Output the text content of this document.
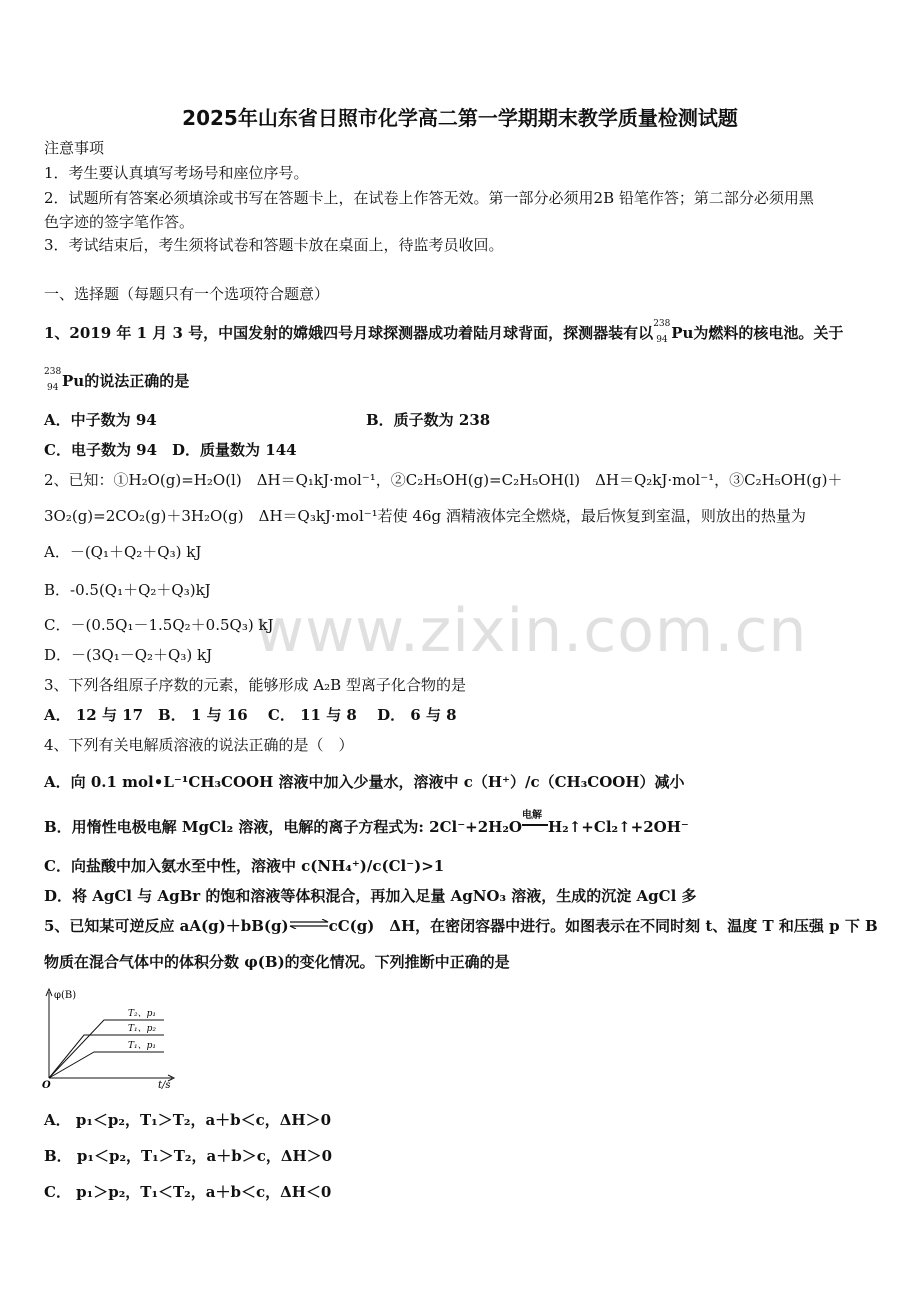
2025年山东省日照市化学高二第一学期期末教学质量检测试题
www.zixin.com.cn
注意事项
1．考生要认真填写考场号和座位序号。
2．试题所有答案必须填涂或书写在答题卡上，在试卷上作答无效。第一部分必须用2B 铅笔作答；第二部分必须用黑
色字迹的签字笔作答。
3．考试结束后，考生须将试卷和答题卡放在桌面上，待监考员收回。
一、选择题（每题只有一个选项符合题意）
1、2019 年 1 月 3 号，中国发射的嫦娥四号月球探测器成功着陆月球背面，探测器装有以 238
94 Pu为燃料的核电池。关于
238
94 Pu的说法正确的是
A．中子数为 94	B．质子数为 238
C．电子数为 94　D．质量数为 144
2、已知：①H₂O(g)=H₂O(l)　ΔH＝Q₁kJ·mol⁻¹，②C₂H₅OH(g)=C₂H₅OH(l)　ΔH＝Q₂kJ·mol⁻¹，③C₂H₅OH(g)＋
3O₂(g)=2CO₂(g)＋3H₂O(g)　ΔH＝Q₃kJ·mol⁻¹若使 46g 酒精液体完全燃烧，最后恢复到室温，则放出的热量为
A．－(Q₁＋Q₂＋Q₃) kJ
B．-0.5(Q₁＋Q₂＋Q₃)kJ
C．－(0.5Q₁－1.5Q₂＋0.5Q₃) kJ
D．－(3Q₁－Q₂＋Q₃) kJ
3、下列各组原子序数的元素，能够形成 A₂B 型离子化合物的是
A． 12 与 17　B． 1 与 16　 C． 11 与 8　 D． 6 与 8
4、下列有关电解质溶液的说法正确的是（　）
A．向 0.1 mol•L⁻¹CH₃COOH 溶液中加入少量水，溶液中 c（H⁺）/c（CH₃COOH）减小
B．用惰性电极电解 MgCl₂ 溶液，电解的离子方程式为: 2Cl⁻+2H₂O
电解
H₂↑+Cl₂↑+2OH⁻
C．向盐酸中加入氨水至中性，溶液中 c(NH₄⁺)/c(Cl⁻)>1
D．将 AgCl 与 AgBr 的饱和溶液等体积混合，再加入足量 AgNO₃ 溶液，生成的沉淀 AgCl 多
5、已知某可逆反应 aA(g)＋bB(g)⇌cC(g)　ΔH，在密闭容器中进行。如图表示在不同时刻 t、温度 T 和压强 p 下 B
物质在混合气体中的体积分数 φ(B)的变化情况。下列推断中正确的是
φ(B)
t/s
O
T₂、p₁
T₁、p₂
T₁、p₁
A． p₁＜p₂，T₁＞T₂，a＋b＜c，ΔH＞0
B． p₁＜p₂，T₁＞T₂，a＋b＞c，ΔH＞0
C． p₁＞p₂，T₁＜T₂，a＋b＜c，ΔH＜0
